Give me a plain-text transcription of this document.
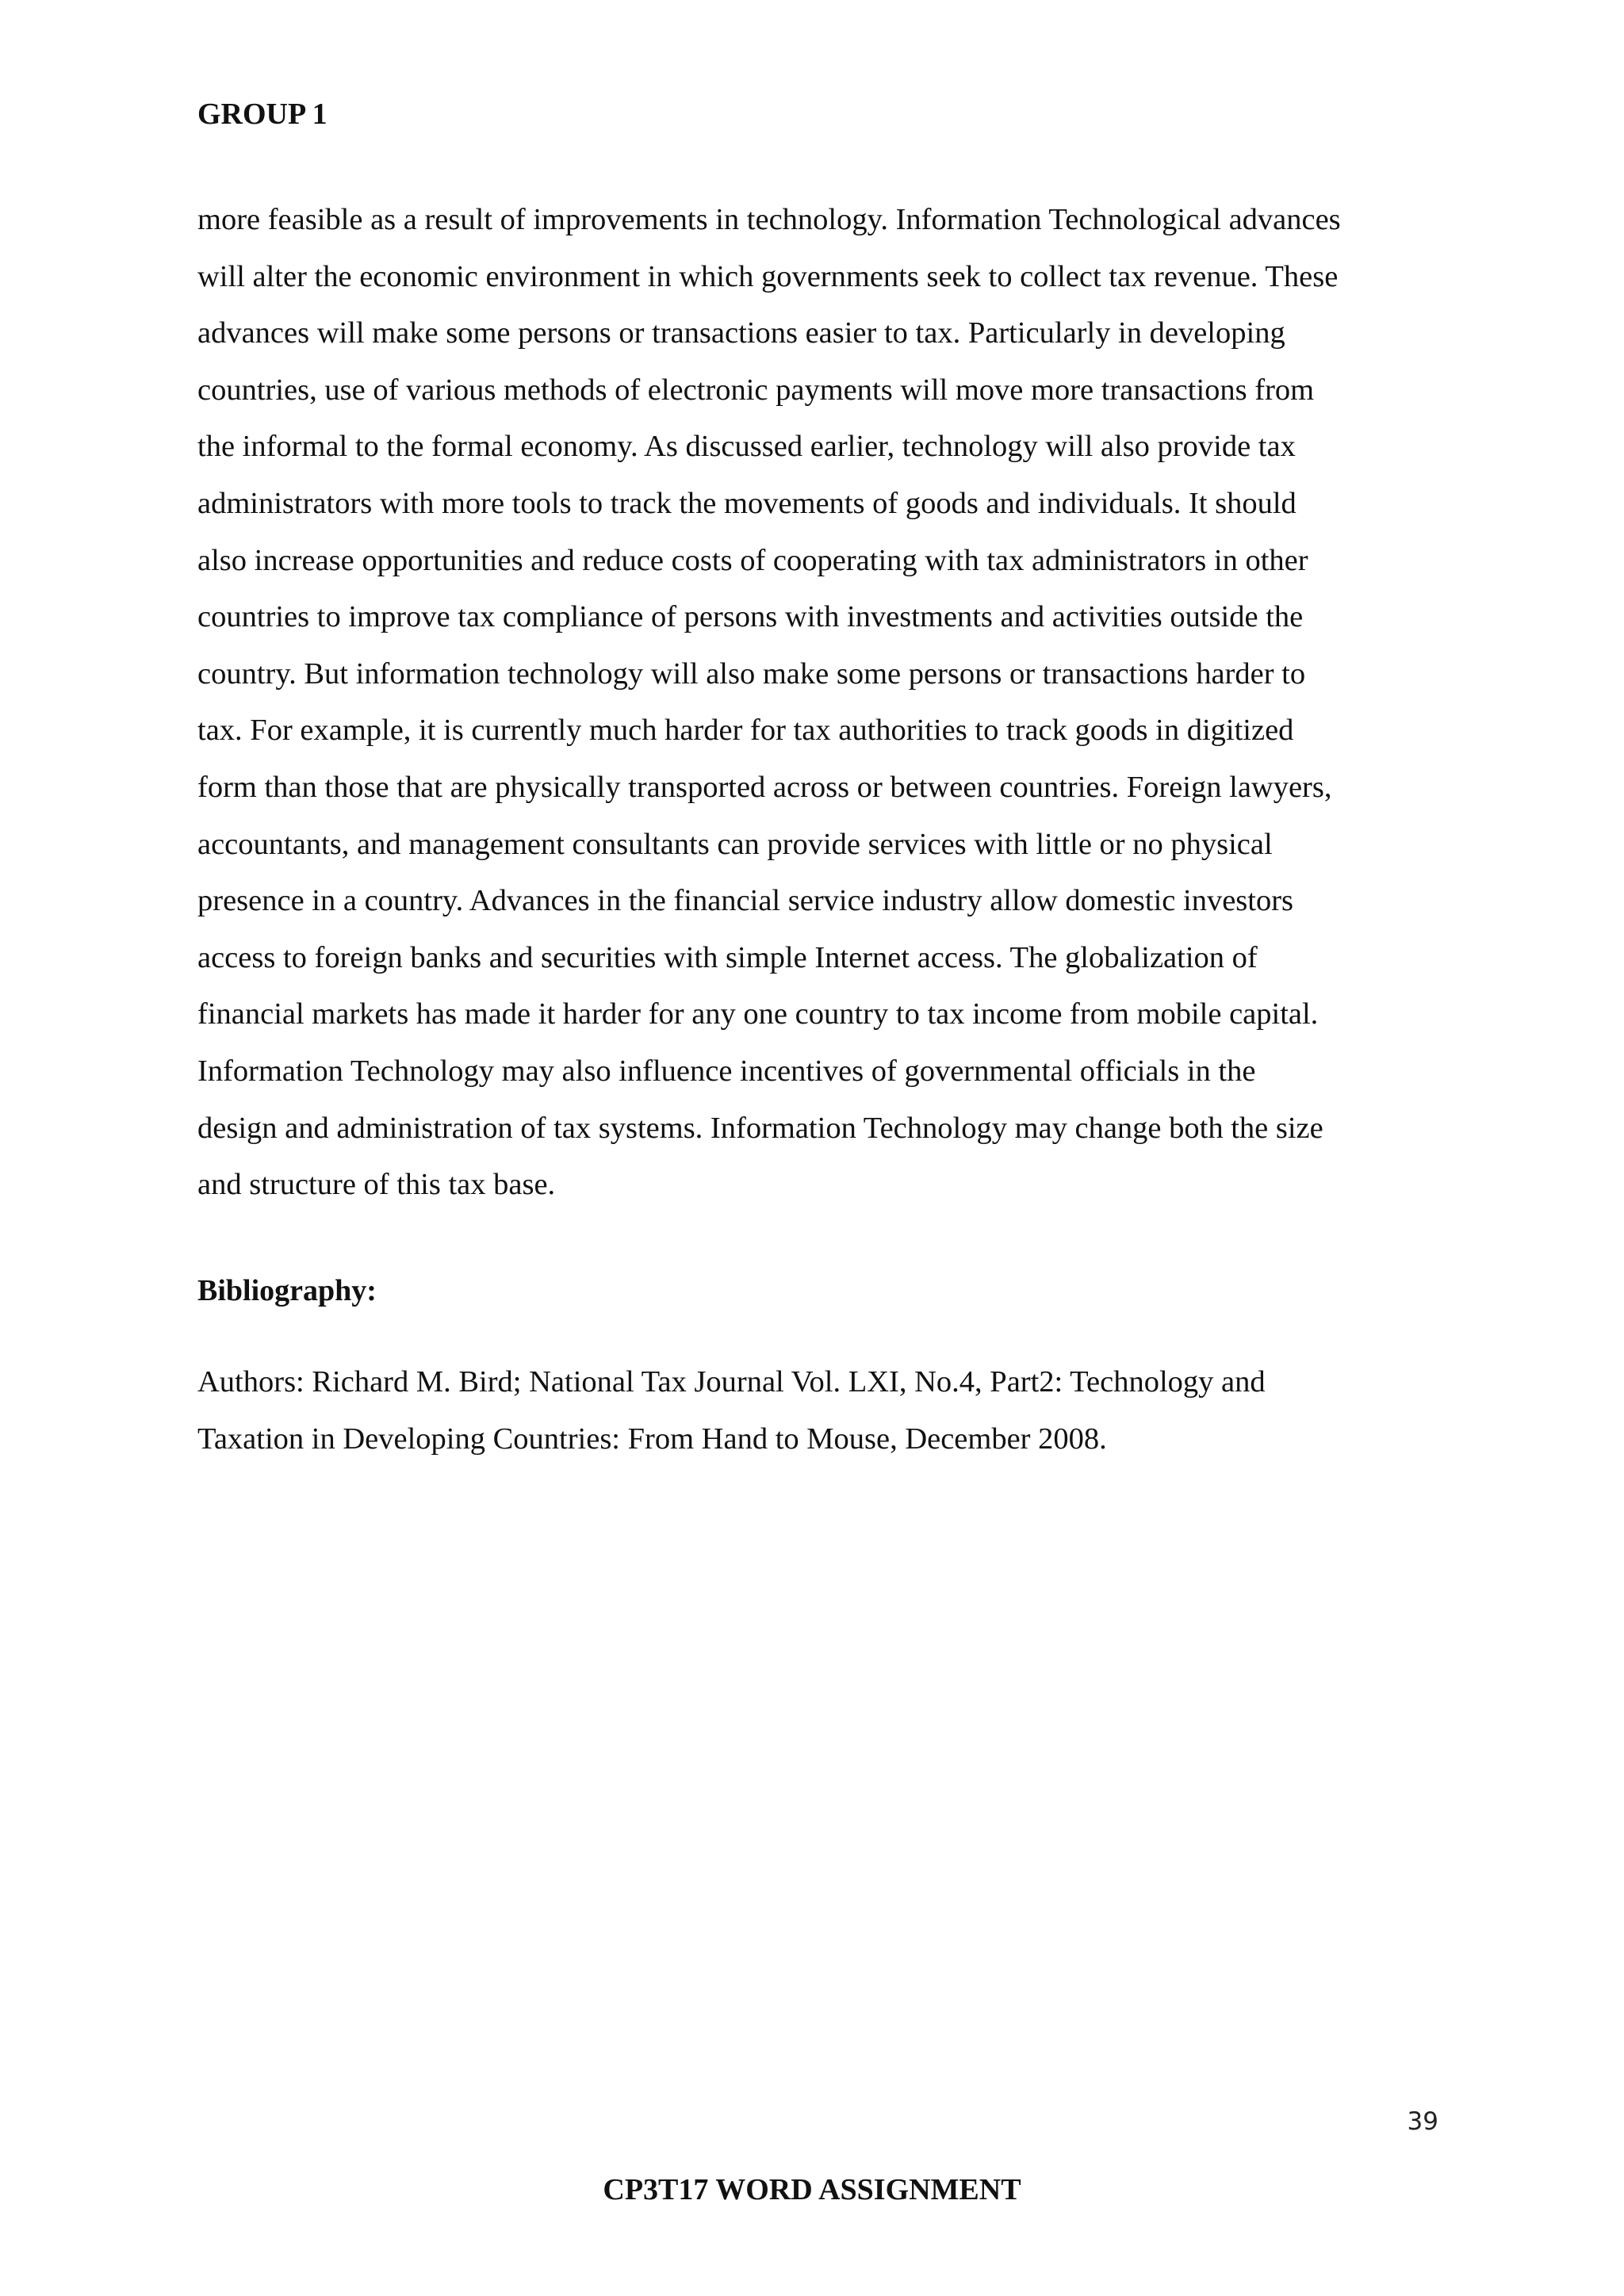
GROUP 1
more feasible as a result of improvements in technology. Information Technological advances
will alter the economic environment in which governments seek to collect tax revenue. These
advances will make some persons or transactions easier to tax. Particularly in developing
countries, use of various methods of electronic payments will move more transactions from
the informal to the formal economy. As discussed earlier, technology will also provide tax
administrators with more tools to track the movements of goods and individuals. It should
also increase opportunities and reduce costs of cooperating with tax administrators in other
countries to improve tax compliance of persons with investments and activities outside the
country. But information technology will also make some persons or transactions harder to
tax. For example, it is currently much harder for tax authorities to track goods in digitized
form than those that are physically transported across or between countries. Foreign lawyers,
accountants, and management consultants can provide services with little or no physical
presence in a country. Advances in the financial service industry allow domestic investors
access to foreign banks and securities with simple Internet access. The globalization of
financial markets has made it harder for any one country to tax income from mobile capital.
Information Technology may also influence incentives of governmental officials in the
design and administration of tax systems. Information Technology may change both the size
and structure of this tax base.
Bibliography:
Authors: Richard M. Bird; National Tax Journal Vol. LXI, No.4, Part2: Technology and
Taxation in Developing Countries: From Hand to Mouse, December 2008.
39
CP3T17 WORD ASSIGNMENT
